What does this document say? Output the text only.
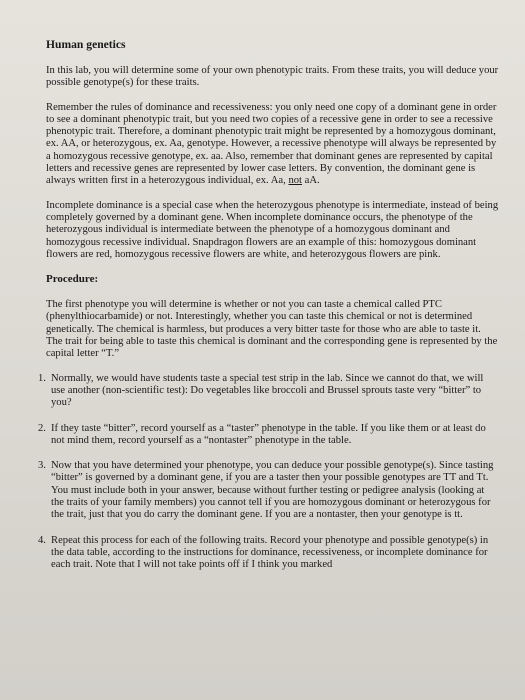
Human genetics

In this lab, you will determine some of your own phenotypic traits. From these traits, you will deduce your possible genotype(s) for these traits.

Remember the rules of dominance and recessiveness: you only need one copy of a dominant gene in order to see a dominant phenotypic trait, but you need two copies of a recessive gene in order to see a recessive phenotypic trait. Therefore, a dominant phenotypic trait might be represented by a homozygous dominant, ex. AA, or heterozygous, ex. Aa, genotype. However, a recessive phenotype will always be represented by a homozygous recessive genotype, ex. aa. Also, remember that dominant genes are represented by capital letters and recessive genes are represented by lower case letters. By convention, the dominant gene is always written first in a heterozygous individual, ex. Aa, not aA.

Incomplete dominance is a special case when the heterozygous phenotype is intermediate, instead of being completely governed by a dominant gene. When incomplete dominance occurs, the phenotype of the heterozygous individual is intermediate between the phenotype of a homozygous dominant and homozygous recessive individual. Snapdragon flowers are an example of this: homozygous dominant flowers are red, homozygous recessive flowers are white, and heterozygous flowers are pink.

Procedure:

The first phenotype you will determine is whether or not you can taste a chemical called PTC (phenylthiocarbamide) or not. Interestingly, whether you can taste this chemical or not is determined genetically. The chemical is harmless, but produces a very bitter taste for those who are able to taste it. The trait for being able to taste this chemical is dominant and the corresponding gene is represented by the capital letter “T.”

1. Normally, we would have students taste a special test strip in the lab. Since we cannot do that, we will use another (non-scientific test): Do vegetables like broccoli and Brussel sprouts taste very “bitter” to you?
2. If they taste “bitter”, record yourself as a “taster” phenotype in the table. If you like them or at least do not mind them, record yourself as a “nontaster” phenotype in the table.
3. Now that you have determined your phenotype, you can deduce your possible genotype(s). Since tasting “bitter” is governed by a dominant gene, if you are a taster then your possible genotypes are TT and Tt. You must include both in your answer, because without further testing or pedigree analysis (looking at the traits of your family members) you cannot tell if you are homozygous dominant or heterozygous for the trait, just that you do carry the dominant gene. If you are a nontaster, then your genotype is tt.
4. Repeat this process for each of the following traits. Record your phenotype and possible genotype(s) in the data table, according to the instructions for dominance, recessiveness, or incomplete dominance for each trait. Note that I will not take points off if I think you marked
